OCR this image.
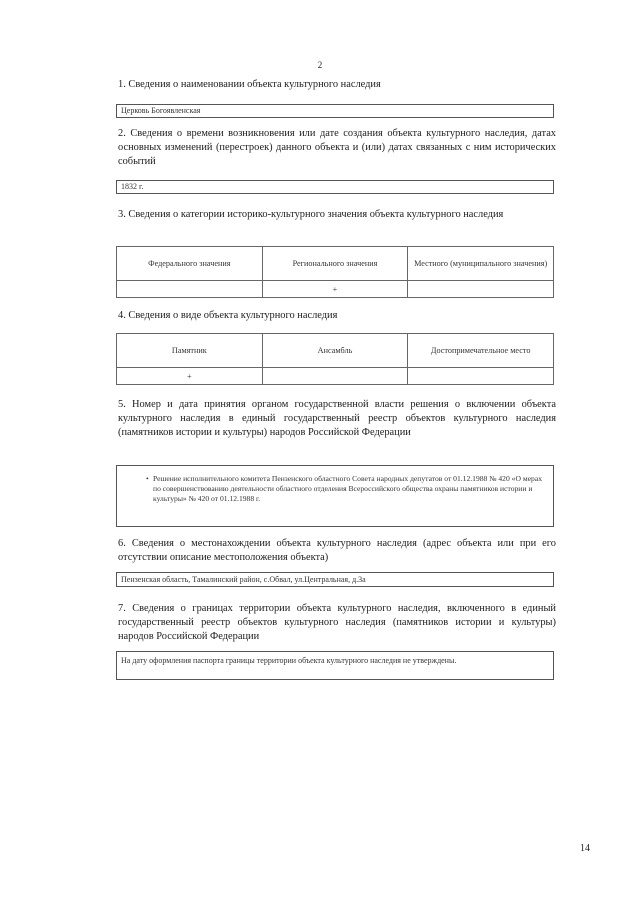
2
1. Сведения о наименовании объекта культурного наследия
Церковь Богоявленская
2. Сведения о времени возникновения или дате создания объекта культурного наследия, датах основных изменений (перестроек) данного объекта и (или) датах связанных с ним исторических событий
1832 г.
3. Сведения о категории историко-культурного значения объекта культурного наследия
Федерального значения	Регионального значения	Местного (муниципального значения)
	+	
4. Сведения о виде объекта культурного наследия
Памятник	Ансамбль	Достопримечательное место
+		
5. Номер и дата принятия органом государственной власти решения о включении объекта культурного наследия в единый государственный реестр объектов культурного наследия (памятников истории и культуры) народов Российской Федерации
• Решение исполнительного комитета Пензенского областного Совета народных депутатов от 01.12.1988 № 420 «О мерах по совершенствованию деятельности областного отделения Всероссийского общества охраны памятников истории и культуры» № 420 от 01.12.1988 г.
6. Сведения о местонахождении объекта культурного наследия (адрес объекта или при его отсутствии описание местоположения объекта)
Пензенская область, Тамалинский район, с.Обвал, ул.Центральная, д.3а
7. Сведения о границах территории объекта культурного наследия, включенного в единый государственный реестр объектов культурного наследия (памятников истории и культуры) народов Российской Федерации
На дату оформления паспорта границы территории объекта культурного наследия не утверждены.
14
